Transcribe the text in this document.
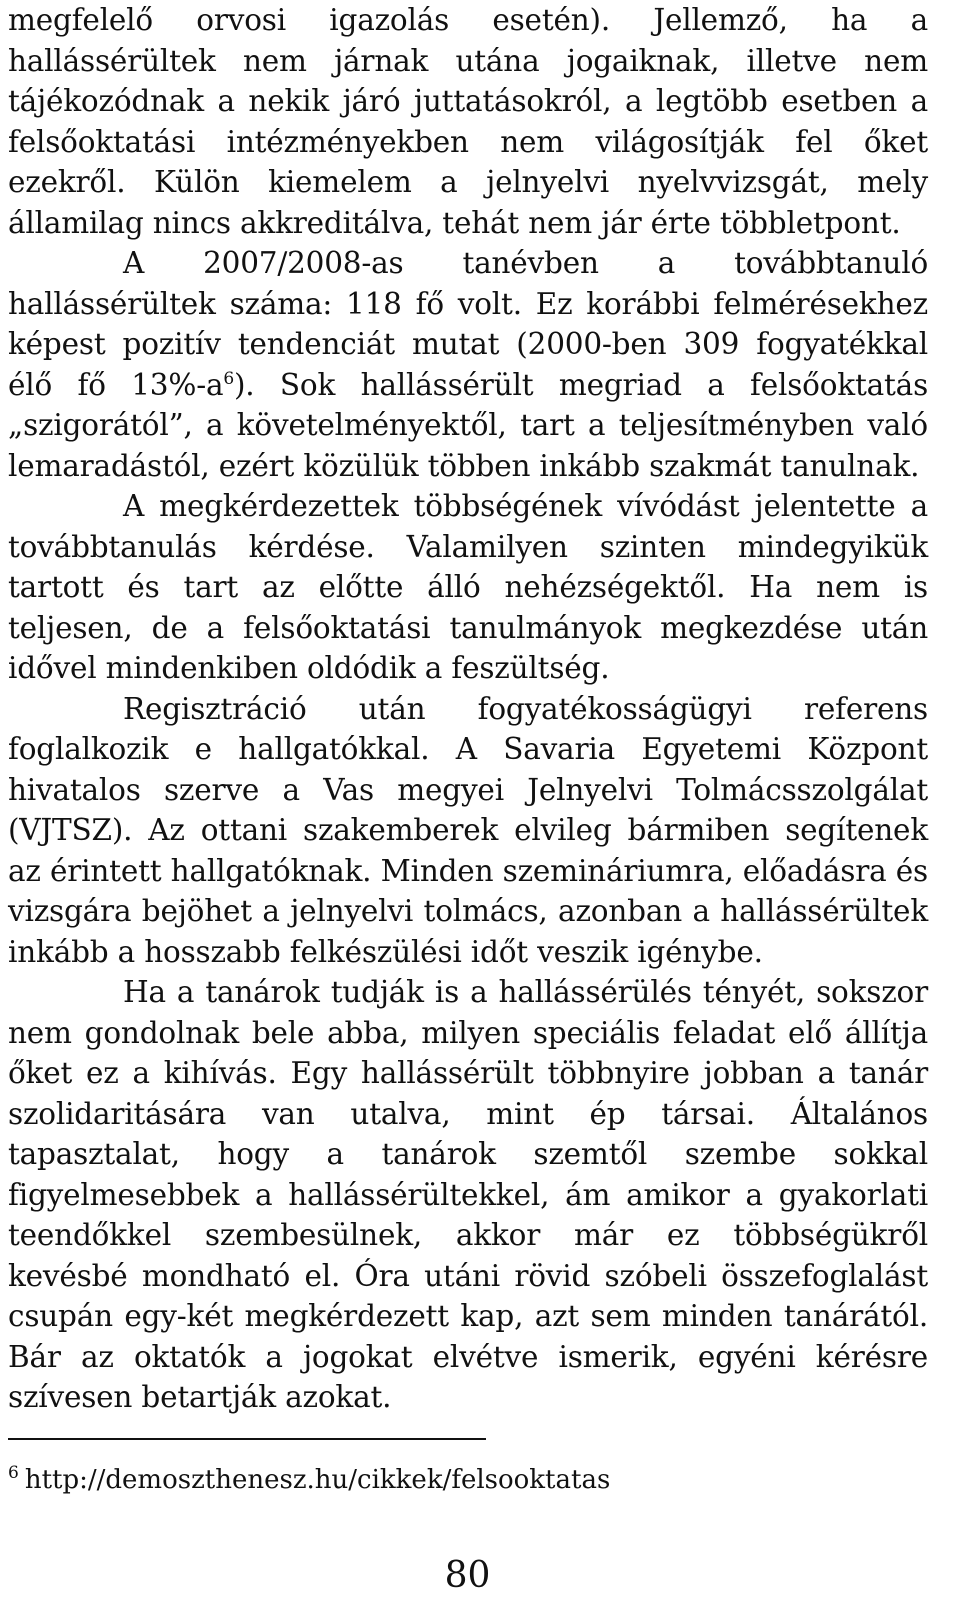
megfelelő orvosi igazolás esetén). Jellemző, ha a hallássérültek nem járnak utána jogaiknak, illetve nem tájékozódnak a nekik járó juttatásokról, a legtöbb esetben a felsőoktatási intézményekben nem világosítják fel őket ezekről. Külön kiemelem a jelnyelvi nyelvvizsgát, mely államilag nincs akkreditálva, tehát nem jár érte többletpont.

A 2007/2008-as tanévben a továbbtanuló hallássérültek száma: 118 fő volt. Ez korábbi felmérésekhez képest pozitív tendenciát mutat (2000-ben 309 fogyatékkal élő fő $13\%-a^6$). Sok hallássérült megriad a felsőoktatás „szigorától”, a követelményektől, tart a teljesítményben való lemaradástól, ezért közülük többen inkább szakmát tanulnak.

A megkérdezettek többségének vívódást jelentette a továbbtanulás kérdése. Valamilyen szinten mindegyikük tartott és tart az előtte álló nehézségektől. Ha nem is teljesen, de a felsőoktatási tanulmányok megkezdése után idővel mindenkiben oldódik a feszültség.

Regisztráció után fogyatékosságügyi referens foglalkozik e hallgatókkal. A Savaria Egyetemi Központ hivatalos szerve a Vas megyei Jelnyelvi Tolmácsszolgálat (VJTSZ). Az ottani szakemberek elvileg bármiben segítenek az érintett hallgatóknak. Minden szemináriumra, előadásra és vizsgára bejöhet a jelnyelvi tolmács, azonban a hallássérültek inkább a hosszabb felkészülési időt veszik igénybe.

Ha a tanárok tudják is a hallássérülés tényét, sokszor nem gondolnak bele abba, milyen speciális feladat elő állítja őket ez a kihívás. Egy hallássérült többnyire jobban a tanár szolidaritására van utalva, mint ép társai. Általános tapasztalat, hogy a tanárok szemtől szembe sokkal figyelmesebbek a hallássérültekkel, ám amikor a gyakorlati teendőkkel szembesülnek, akkor már ez többségükről kevésbé mondható el. Óra utáni rövid szóbeli összefoglalást csupán egy-két megkérdezett kap, azt sem minden tanárától. Bár az oktatók a jogokat elvétve ismerik, egyéni kérésre szívesen betartják azokat.

$^6$ http://demoszthenesz.hu/cikkek/felsooktatas
80
